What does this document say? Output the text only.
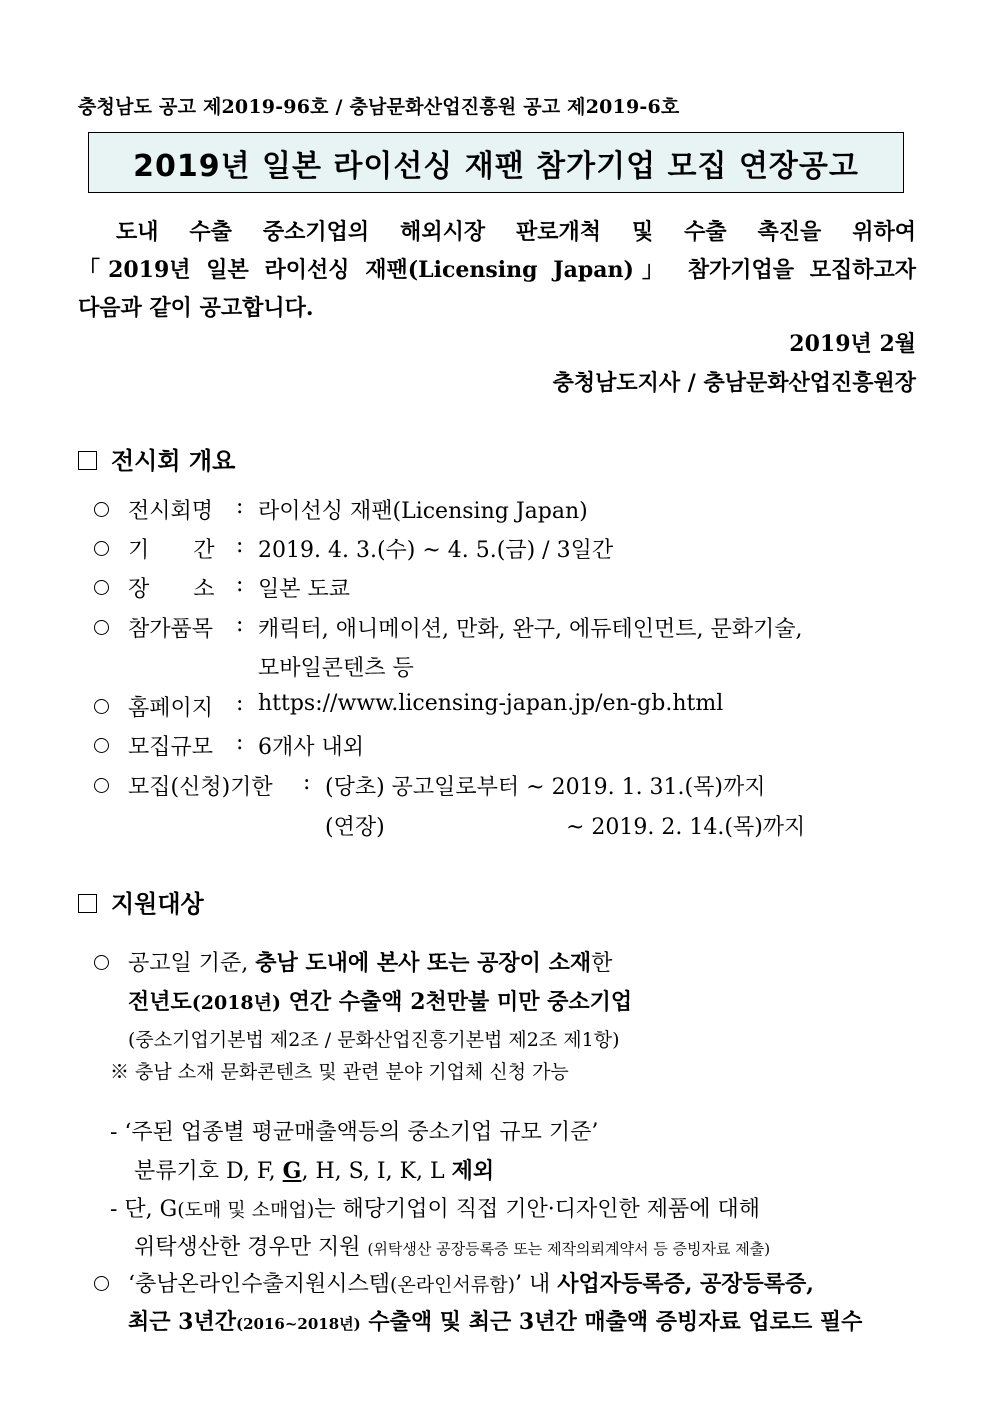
충청남도 공고 제2019-96호 / 충남문화산업진흥원 공고 제2019-6호
2019년 일본 라이선싱 재팬 참가기업 모집 연장공고

도내 수출 중소기업의 해외시장 판로개척 및 수출 촉진을 위하여

「2019년 일본 라이선싱 재팬(Licensing Japan)」 참가기업을 모집하고자

다음과 같이 공고합니다.

2019년 2월
충청남도지사 / 충남문화산업진흥원장
전시회 개요
전시회명 : 라이선싱 재팬(Licensing Japan)
기　　간 : 2019. 4. 3.(수) ~ 4. 5.(금) / 3일간
장　　소 : 일본 도쿄
참가품목 : 캐릭터, 애니메이션, 만화, 완구, 에듀테인먼트, 문화기술,
모바일콘텐츠 등
홈페이지 : https://www.licensing-japan.jp/en-gb.html
모집규모 : 6개사 내외
모집(신청)기한 : (당초) 공고일로부터 ~ 2019. 1. 31.(목)까지
(연장)	~ 2019. 2. 14.(목)까지
지원대상
공고일 기준, 충남 도내에 본사 또는 공장이 소재한
전년도(2018년) 연간 수출액 2천만불 미만 중소기업
(중소기업기본법 제2조 / 문화산업진흥기본법 제2조 제1항)
※ 충남 소재 문화콘텐츠 및 관련 분야 기업체 신청 가능
- ‘주된 업종별 평균매출액등의 중소기업 규모 기준’
분류기호 D, F, G, H, S, I, K, L 제외
- 단, G(도매 및 소매업)는 해당기업이 직접 기안·디자인한 제품에 대해
위탁생산한 경우만 지원 (위탁생산 공장등록증 또는 제작의뢰계약서 등 증빙자료 제출)
‘충남온라인수출지원시스템(온라인서류함)’ 내 사업자등록증, 공장등록증,
최근 3년간(2016~2018년) 수출액 및 최근 3년간 매출액 증빙자료 업로드 필수
